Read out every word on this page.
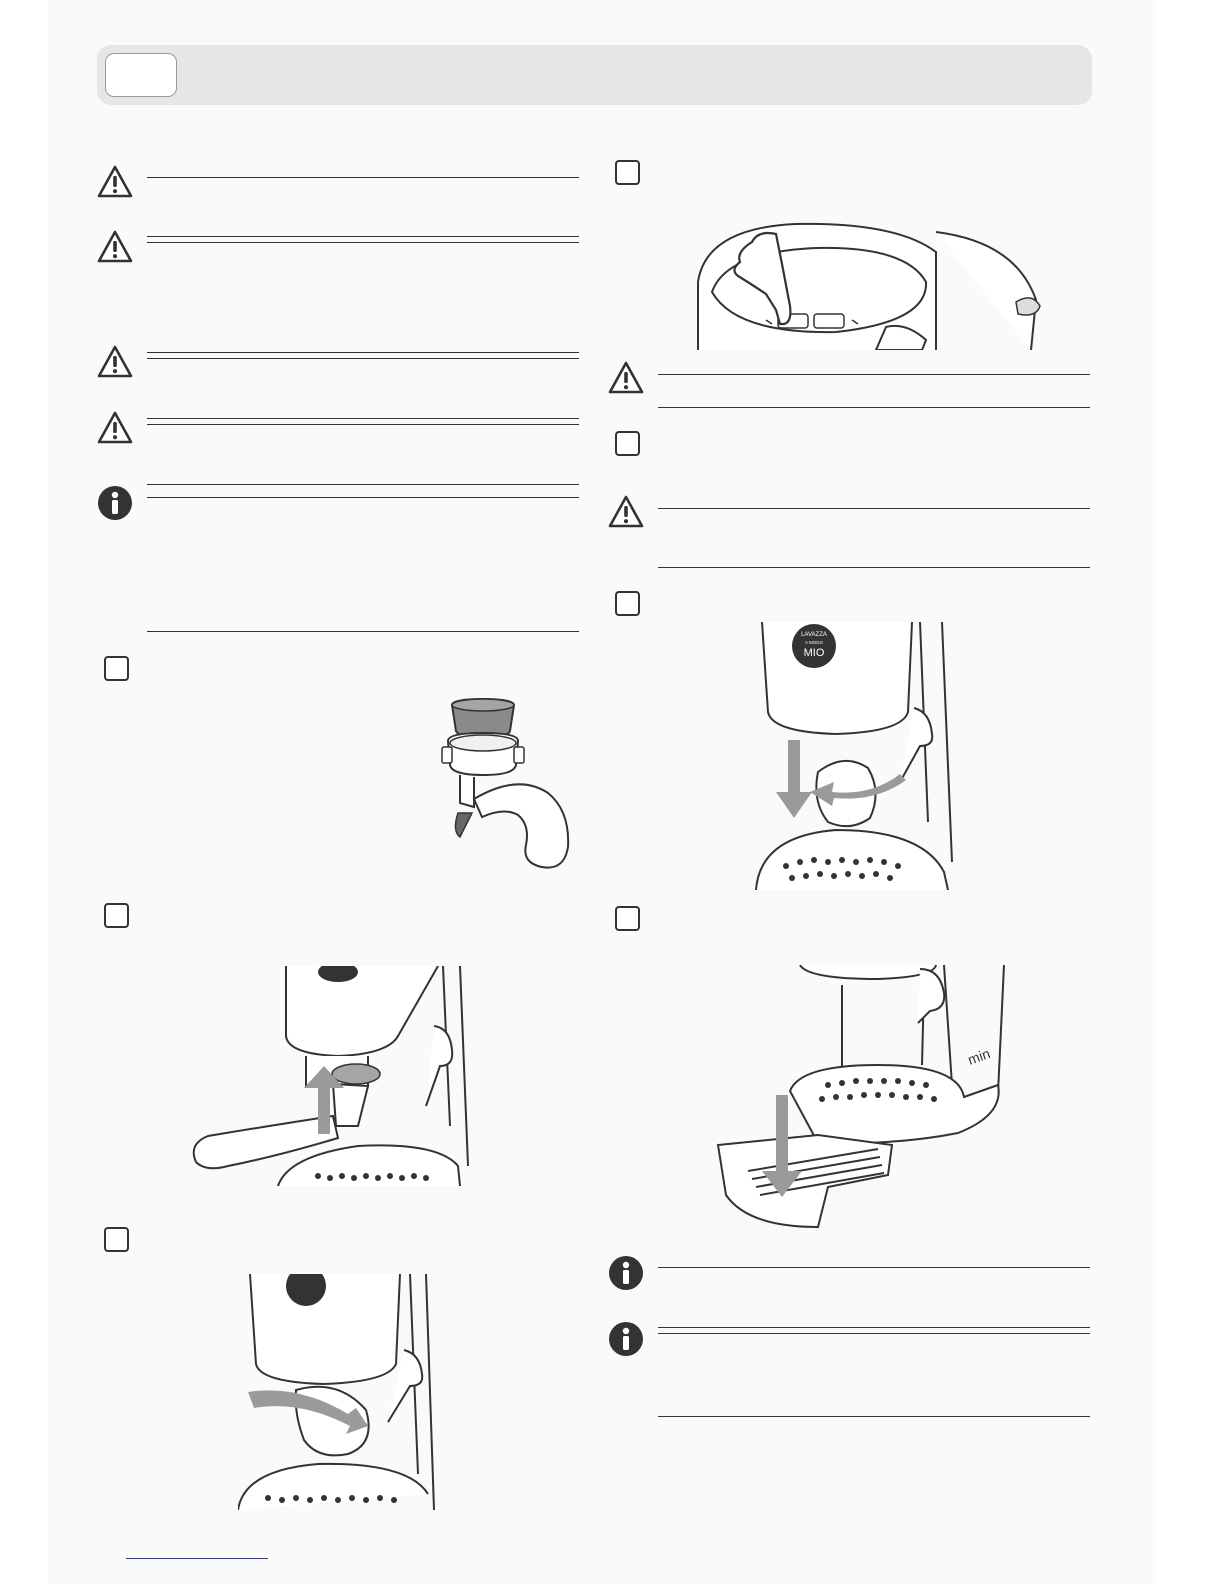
LAVAZZA
A MODO
MIO
min
